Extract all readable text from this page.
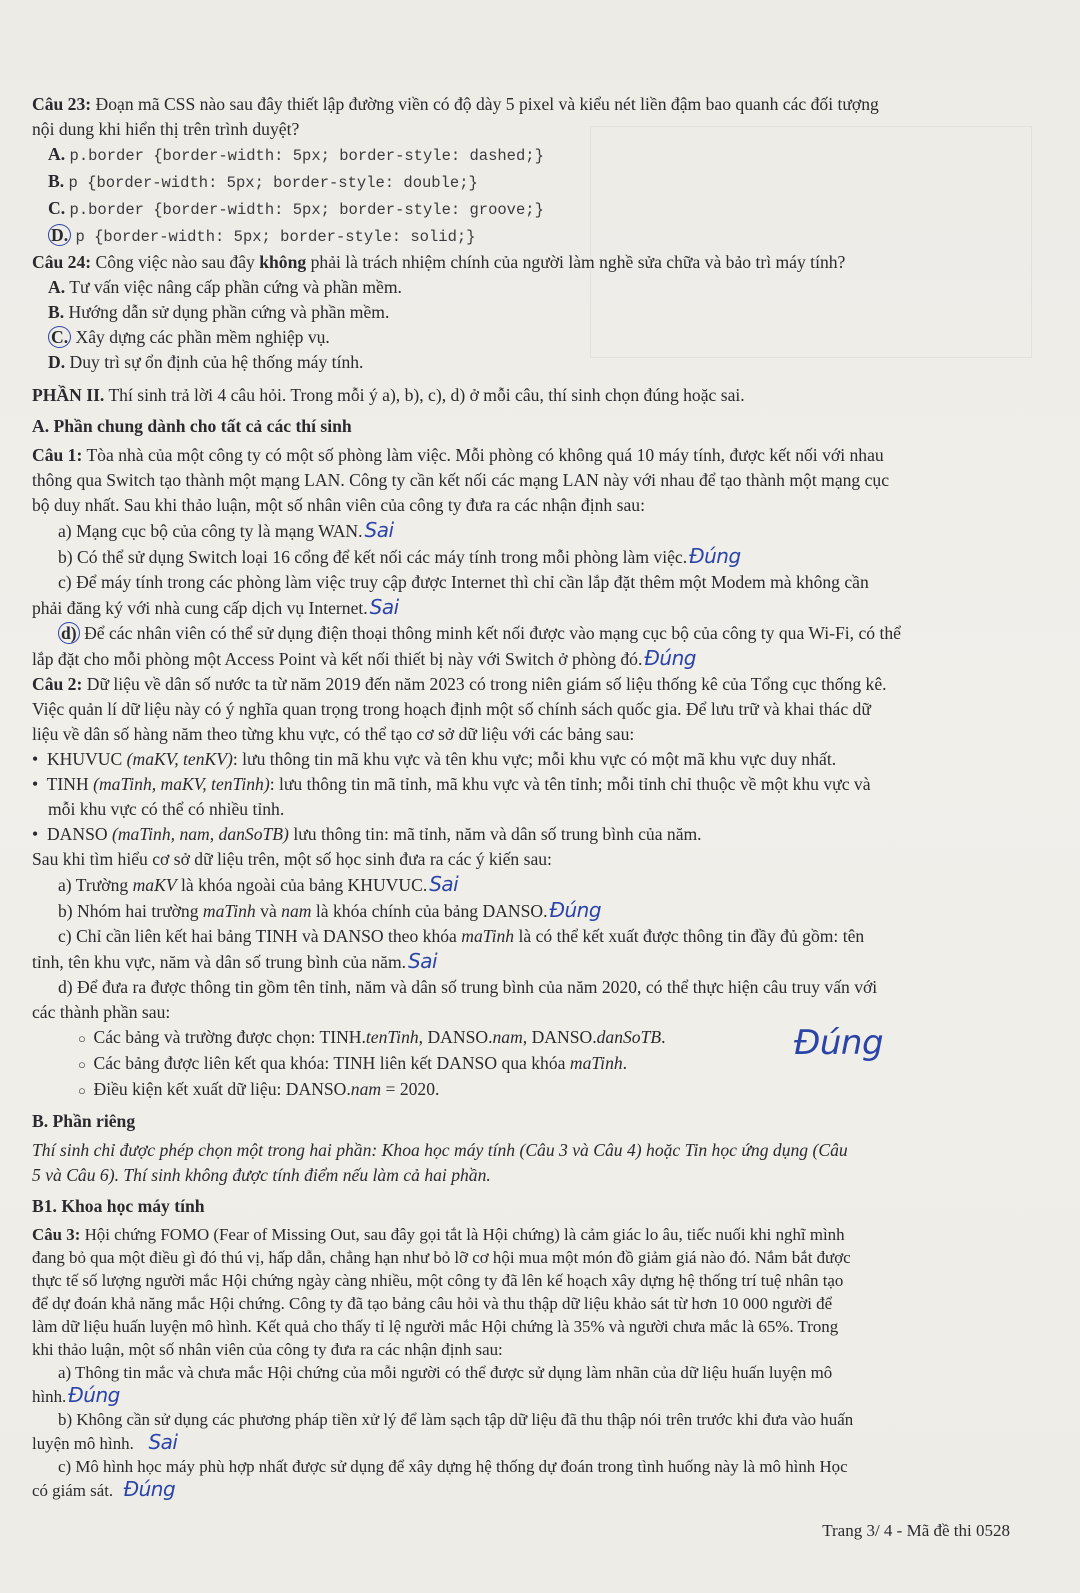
Câu 23: Đoạn mã CSS nào sau đây thiết lập đường viền có độ dày 5 pixel và kiểu nét liền đậm bao quanh các đối tượng
nội dung khi hiển thị trên trình duyệt?
A. p.border {border-width: 5px; border-style: dashed;}
B. p {border-width: 5px; border-style: double;}
C. p.border {border-width: 5px; border-style: groove;}
D. p {border-width: 5px; border-style: solid;}
Câu 24: Công việc nào sau đây không phải là trách nhiệm chính của người làm nghề sửa chữa và bảo trì máy tính?
A. Tư vấn việc nâng cấp phần cứng và phần mềm.
B. Hướng dẫn sử dụng phần cứng và phần mềm.
C. Xây dựng các phần mềm nghiệp vụ.
D. Duy trì sự ổn định của hệ thống máy tính.
PHẦN II. Thí sinh trả lời 4 câu hỏi. Trong mỗi ý a), b), c), d) ở mỗi câu, thí sinh chọn đúng hoặc sai.
A. Phần chung dành cho tất cả các thí sinh
Câu 1: Tòa nhà của một công ty có một số phòng làm việc. Mỗi phòng có không quá 10 máy tính, được kết nối với nhau
thông qua Switch tạo thành một mạng LAN. Công ty cần kết nối các mạng LAN này với nhau để tạo thành một mạng cục
bộ duy nhất. Sau khi thảo luận, một số nhân viên của công ty đưa ra các nhận định sau:
a) Mạng cục bộ của công ty là mạng WAN. Sai
b) Có thể sử dụng Switch loại 16 cổng để kết nối các máy tính trong mỗi phòng làm việc. Đúng
c) Để máy tính trong các phòng làm việc truy cập được Internet thì chỉ cần lắp đặt thêm một Modem mà không cần
phải đăng ký với nhà cung cấp dịch vụ Internet. Sai
d) Để các nhân viên có thể sử dụng điện thoại thông minh kết nối được vào mạng cục bộ của công ty qua Wi-Fi, có thể
lắp đặt cho mỗi phòng một Access Point và kết nối thiết bị này với Switch ở phòng đó. Đúng
Câu 2: Dữ liệu về dân số nước ta từ năm 2019 đến năm 2023 có trong niên giám số liệu thống kê của Tổng cục thống kê.
Việc quản lí dữ liệu này có ý nghĩa quan trọng trong hoạch định một số chính sách quốc gia. Để lưu trữ và khai thác dữ
liệu về dân số hàng năm theo từng khu vực, có thể tạo cơ sở dữ liệu với các bảng sau:
• KHUVUC (maKV, tenKV): lưu thông tin mã khu vực và tên khu vực; mỗi khu vực có một mã khu vực duy nhất.
• TINH (maTinh, maKV, tenTinh): lưu thông tin mã tỉnh, mã khu vực và tên tỉnh; mỗi tỉnh chỉ thuộc về một khu vực và
mỗi khu vực có thể có nhiều tỉnh.
• DANSO (maTinh, nam, danSoTB) lưu thông tin: mã tỉnh, năm và dân số trung bình của năm.
Sau khi tìm hiểu cơ sở dữ liệu trên, một số học sinh đưa ra các ý kiến sau:
a) Trường maKV là khóa ngoài của bảng KHUVUC. Sai
b) Nhóm hai trường maTinh và nam là khóa chính của bảng DANSO. Đúng
c) Chỉ cần liên kết hai bảng TINH và DANSO theo khóa maTinh là có thể kết xuất được thông tin đầy đủ gồm: tên
tỉnh, tên khu vực, năm và dân số trung bình của năm. Sai
d) Để đưa ra được thông tin gồm tên tỉnh, năm và dân số trung bình của năm 2020, có thể thực hiện câu truy vấn với
các thành phần sau:
○ Các bảng và trường được chọn: TINH.tenTinh, DANSO.nam, DANSO.danSoTB.
○ Các bảng được liên kết qua khóa: TINH liên kết DANSO qua khóa maTinh.
○ Điều kiện kết xuất dữ liệu: DANSO.nam = 2020.
Đúng
B. Phần riêng
Thí sinh chỉ được phép chọn một trong hai phần: Khoa học máy tính (Câu 3 và Câu 4) hoặc Tin học ứng dụng (Câu
5 và Câu 6). Thí sinh không được tính điểm nếu làm cả hai phần.
B1. Khoa học máy tính
Câu 3: Hội chứng FOMO (Fear of Missing Out, sau đây gọi tắt là Hội chứng) là cảm giác lo âu, tiếc nuối khi nghĩ mình
đang bỏ qua một điều gì đó thú vị, hấp dẫn, chẳng hạn như bỏ lỡ cơ hội mua một món đồ giảm giá nào đó. Nắm bắt được
thực tế số lượng người mắc Hội chứng ngày càng nhiều, một công ty đã lên kế hoạch xây dựng hệ thống trí tuệ nhân tạo
để dự đoán khả năng mắc Hội chứng. Công ty đã tạo bảng câu hỏi và thu thập dữ liệu khảo sát từ hơn 10 000 người để
làm dữ liệu huấn luyện mô hình. Kết quả cho thấy tỉ lệ người mắc Hội chứng là 35% và người chưa mắc là 65%. Trong
khi thảo luận, một số nhân viên của công ty đưa ra các nhận định sau:
a) Thông tin mắc và chưa mắc Hội chứng của mỗi người có thể được sử dụng làm nhãn của dữ liệu huấn luyện mô
hình. Đúng
b) Không cần sử dụng các phương pháp tiền xử lý để làm sạch tập dữ liệu đã thu thập nói trên trước khi đưa vào huấn
luyện mô hình. Sai
c) Mô hình học máy phù hợp nhất được sử dụng để xây dựng hệ thống dự đoán trong tình huống này là mô hình Học
có giám sát. Đúng
Trang 3/ 4 - Mã đề thi 0528
